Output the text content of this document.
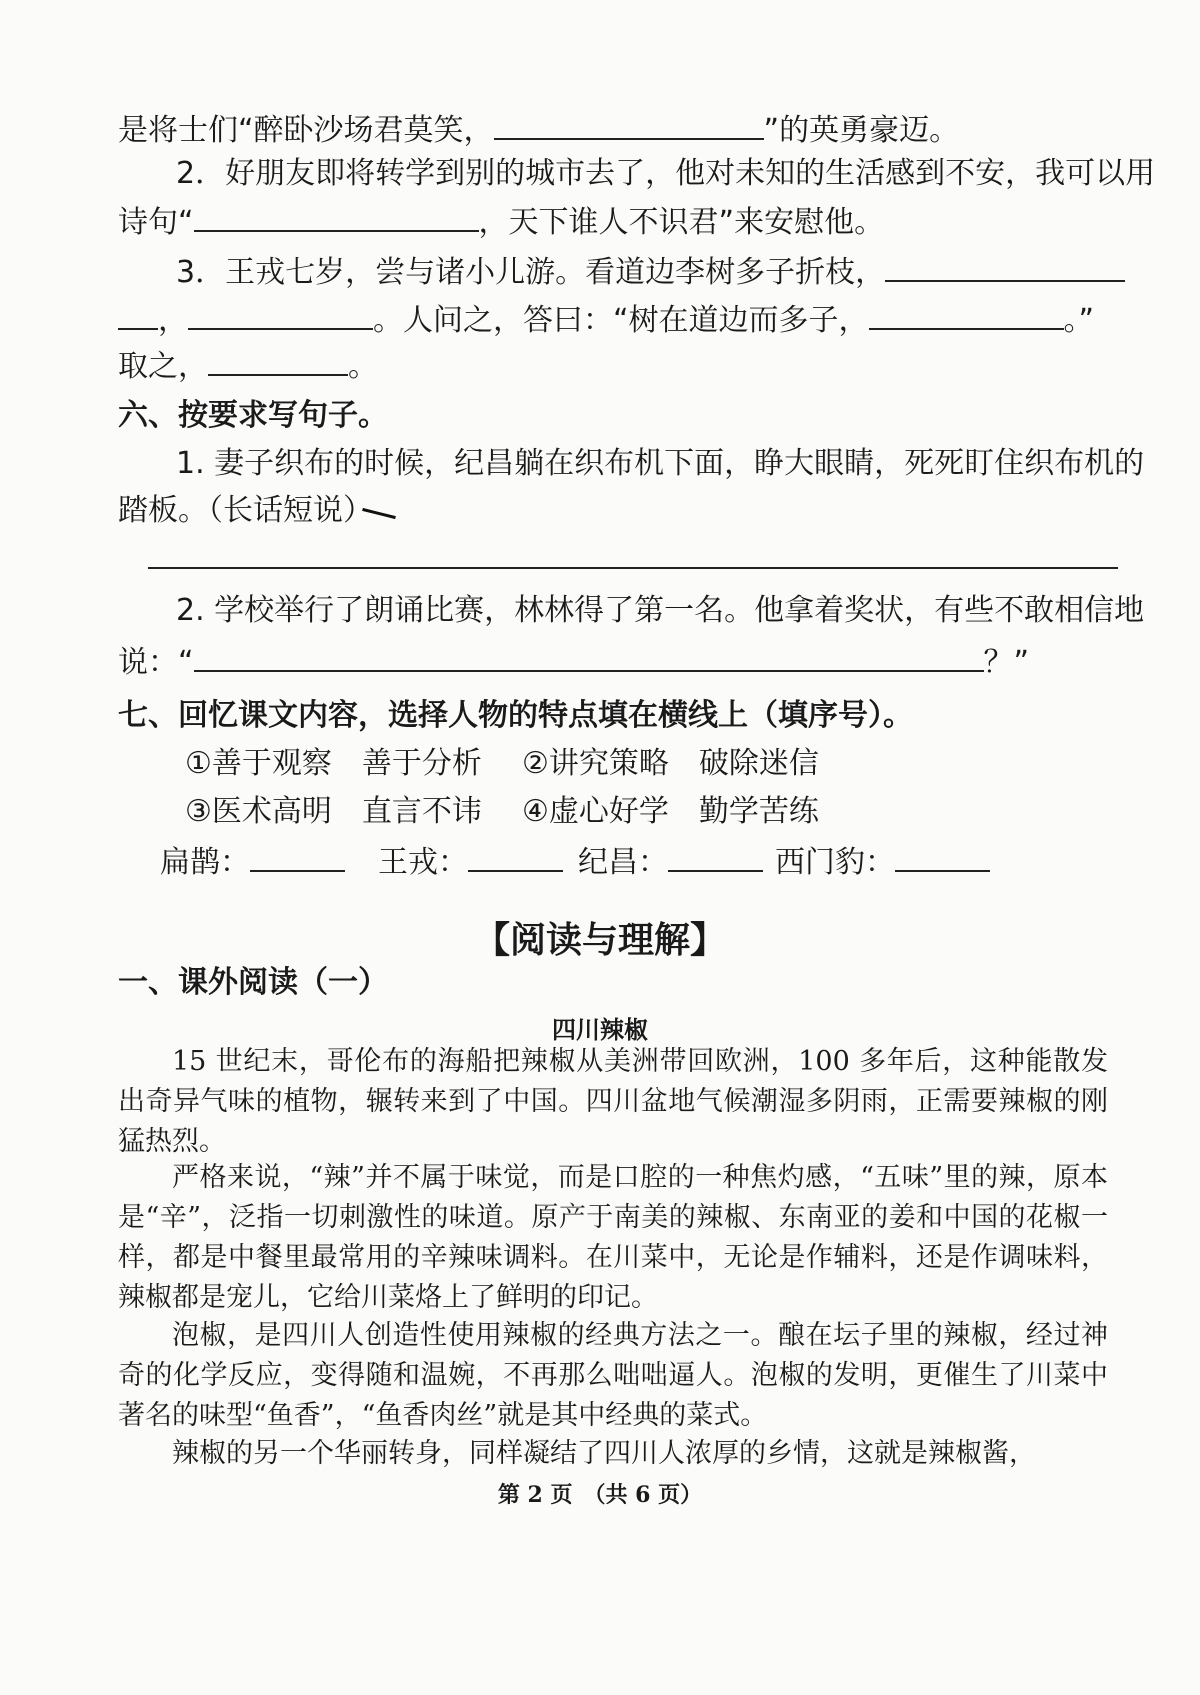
是将士们“醉卧沙场君莫笑，	”的英勇豪迈。
2．好朋友即将转学到别的城市去了，他对未知的生活感到不安，我可以用
诗句“	，天下谁人不识君”来安慰他。
3．王戎七岁，尝与诸小儿游。看道边李树多子折枝，
，	。人问之，答曰：“树在道边而多子，	。”
取之，	。
六、按要求写句子。
1. 妻子织布的时候，纪昌躺在织布机下面，睁大眼睛，死死盯住织布机的
踏板。（长话短说）
2. 学校举行了朗诵比赛，林林得了第一名。他拿着奖状，有些不敢相信地
说：“	？”
七、回忆课文内容，选择人物的特点填在横线上（填序号）。
①善于观察　善于分析 ②讲究策略　破除迷信
③医术高明　直言不讳 ④虚心好学　勤学苦练
扁鹊：	王戎：	纪昌：	西门豹：
【阅读与理解】
一、课外阅读（一）
四川辣椒
15 世纪末，哥伦布的海船把辣椒从美洲带回欧洲，100 多年后，这种能散发出奇异气味的植物，辗转来到了中国。四川盆地气候潮湿多阴雨，正需要辣椒的刚猛热烈。
严格来说，“辣”并不属于味觉，而是口腔的一种焦灼感，“五味”里的辣，原本是“辛”，泛指一切刺激性的味道。原产于南美的辣椒、东南亚的姜和中国的花椒一样，都是中餐里最常用的辛辣味调料。在川菜中，无论是作辅料，还是作调味料，辣椒都是宠儿，它给川菜烙上了鲜明的印记。
泡椒，是四川人创造性使用辣椒的经典方法之一。酿在坛子里的辣椒，经过神奇的化学反应，变得随和温婉，不再那么咄咄逼人。泡椒的发明，更催生了川菜中著名的味型“鱼香”，“鱼香肉丝”就是其中经典的菜式。
辣椒的另一个华丽转身，同样凝结了四川人浓厚的乡情，这就是辣椒酱，
第 2 页　（共 6 页）
